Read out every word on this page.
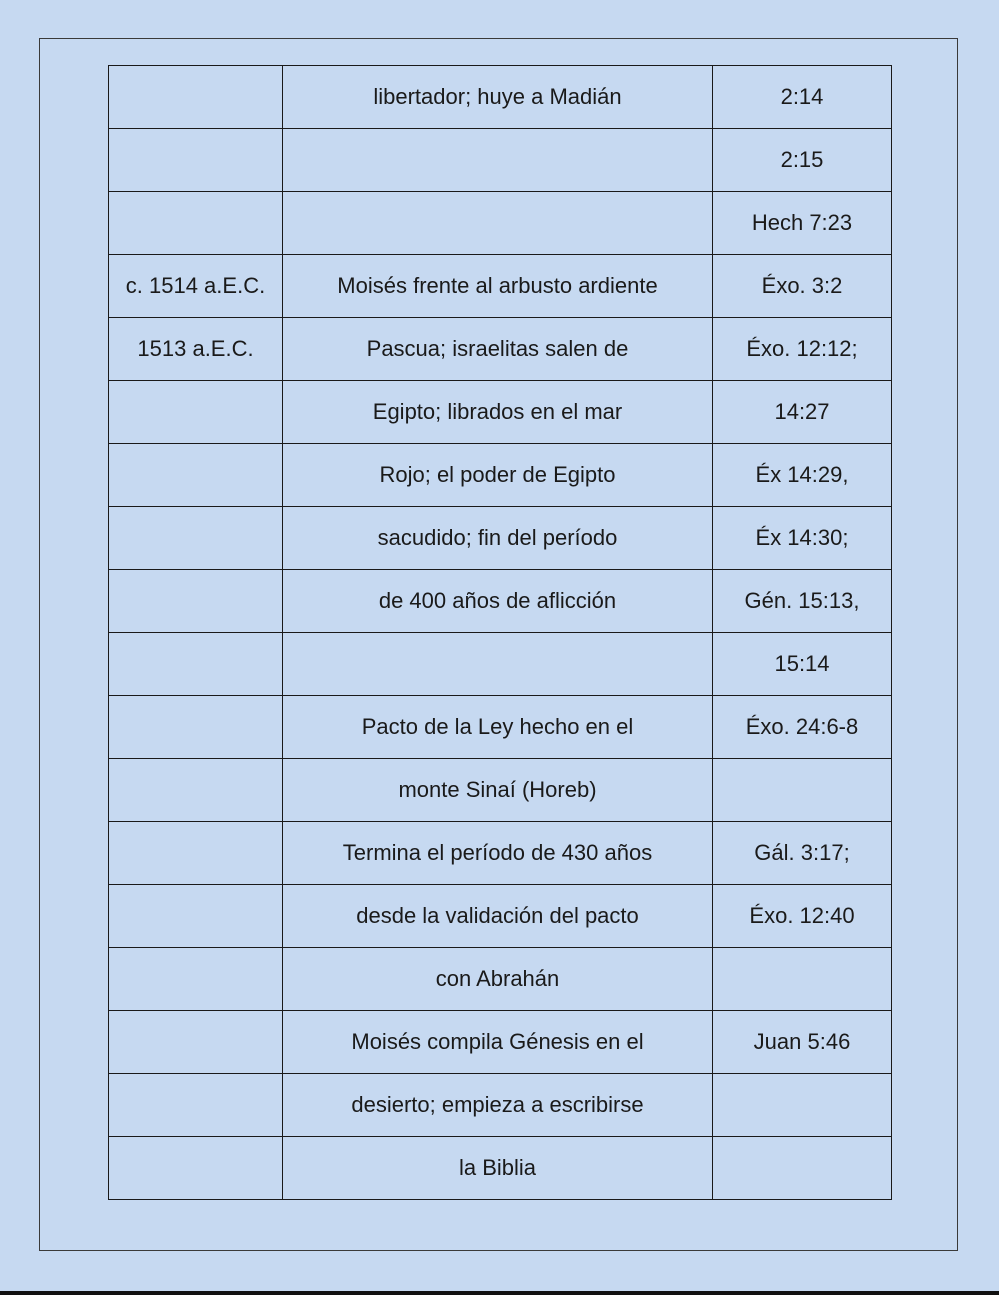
	libertador; huye a Madián	2:14
		2:15
		Hech 7:23
c. 1514 a.E.C.	Moisés frente al arbusto ardiente	Éxo. 3:2
1513 a.E.C.	Pascua; israelitas salen de	Éxo. 12:12;
	Egipto; librados en el mar	14:27
	Rojo; el poder de Egipto	Éx 14:29,
	sacudido; fin del período	Éx 14:30;
	de 400 años de aflicción	Gén. 15:13,
		15:14
	Pacto de la Ley hecho en el	Éxo. 24:6-8
	monte Sinaí (Horeb)	
	Termina el período de 430 años	Gál. 3:17;
	desde la validación del pacto	Éxo. 12:40
	con Abrahán	
	Moisés compila Génesis en el	Juan 5:46
	desierto; empieza a escribirse	
	la Biblia	
